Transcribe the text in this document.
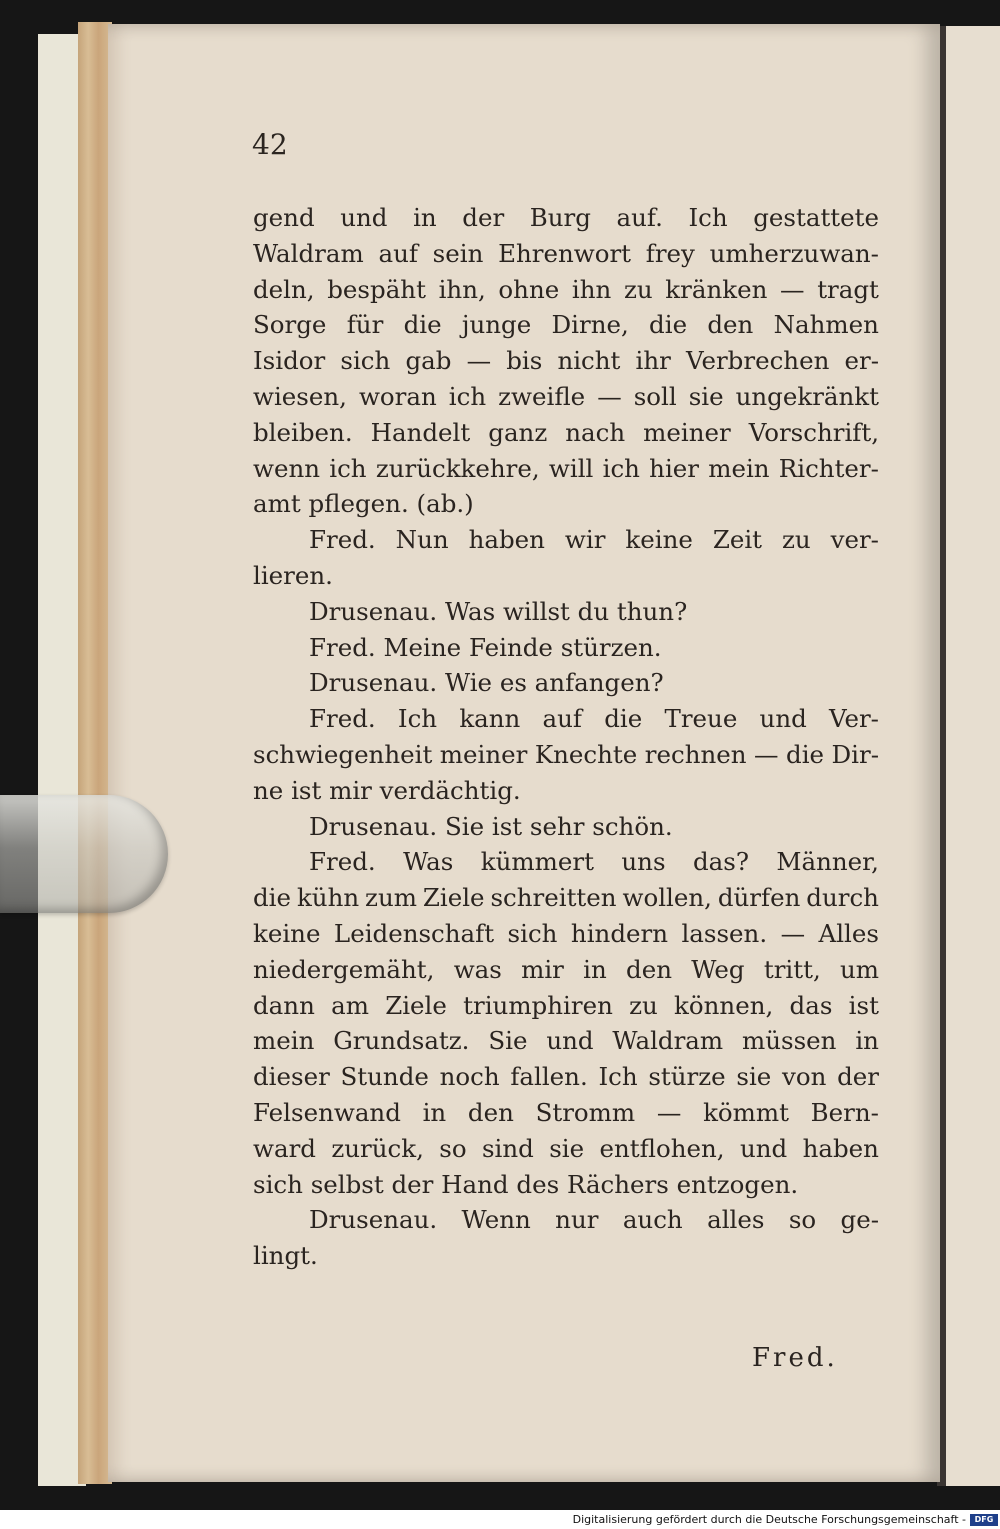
42
gend und in der Burg auf. Ich gestattete
Waldram auf sein Ehrenwort frey umherzuwan-
deln, bespäht ihn, ohne ihn zu kränken — tragt
Sorge für die junge Dirne, die den Nahmen
Isidor sich gab — bis nicht ihr Verbrechen er-
wiesen, woran ich zweifle — soll sie ungekränkt
bleiben. Handelt ganz nach meiner Vorschrift,
wenn ich zurückkehre, will ich hier mein Richter-
amt pflegen. (ab.)
Fred. Nun haben wir keine Zeit zu ver-
lieren.
Drusenau. Was willst du thun?
Fred. Meine Feinde stürzen.
Drusenau. Wie es anfangen?
Fred. Ich kann auf die Treue und Ver-
schwiegenheit meiner Knechte rechnen — die Dir-
ne ist mir verdächtig.
Drusenau. Sie ist sehr schön.
Fred. Was kümmert uns das? Männer,
die kühn zum Ziele schreitten wollen, dürfen durch
keine Leidenschaft sich hindern lassen. — Alles
niedergemäht, was mir in den Weg tritt, um
dann am Ziele triumphiren zu können, das ist
mein Grundsatz. Sie und Waldram müssen in
dieser Stunde noch fallen. Ich stürze sie von der
Felsenwand in den Stromm — kömmt Bern-
ward zurück, so sind sie entflohen, und haben
sich selbst der Hand des Rächers entzogen.
Drusenau. Wenn nur auch alles so ge-
lingt.
Fred.
Digitalisierung gefördert durch die Deutsche Forschungsgemeinschaft -	DFG
